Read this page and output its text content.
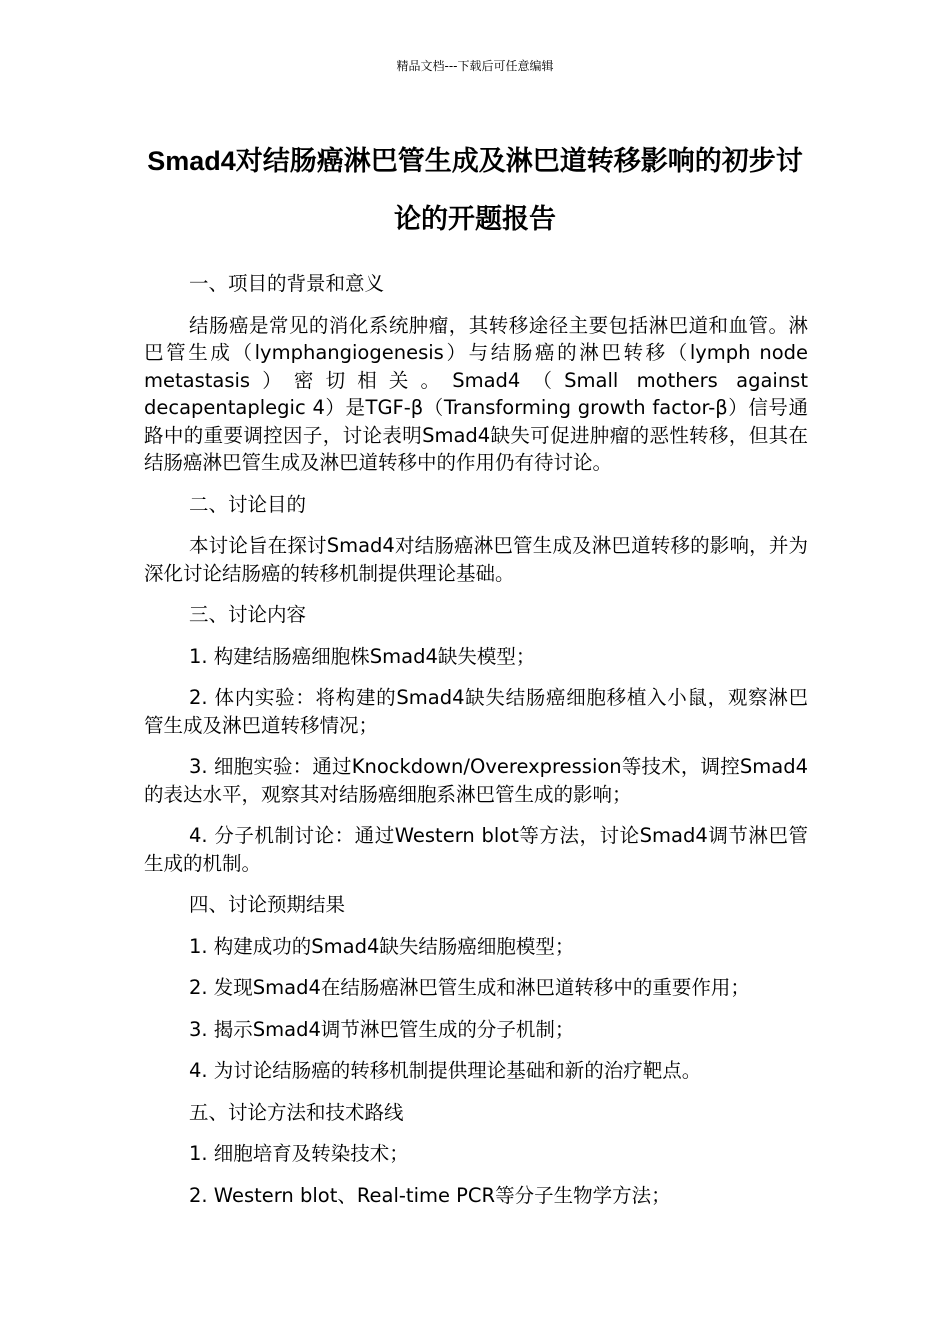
精品文档---下载后可任意编辑
Smad4对结肠癌淋巴管生成及淋巴道转移影响的初步讨论的开题报告

一、项目的背景和意义

结肠癌是常见的消化系统肿瘤，其转移途径主要包括淋巴道和血管。淋巴管生成（lymphangiogenesis）与结肠癌的淋巴转移（lymph node metastasis）密切相关。Smad4（Small mothers against decapentaplegic 4）是TGF-β（Transforming growth factor-β）信号通路中的重要调控因子，讨论表明Smad4缺失可促进肿瘤的恶性转移，但其在结肠癌淋巴管生成及淋巴道转移中的作用仍有待讨论。

二、讨论目的

本讨论旨在探讨Smad4对结肠癌淋巴管生成及淋巴道转移的影响，并为深化讨论结肠癌的转移机制提供理论基础。

三、讨论内容

1. 构建结肠癌细胞株Smad4缺失模型；

2. 体内实验：将构建的Smad4缺失结肠癌细胞移植入小鼠，观察淋巴管生成及淋巴道转移情况；

3. 细胞实验：通过Knockdown/Overexpression等技术，调控Smad4的表达水平，观察其对结肠癌细胞系淋巴管生成的影响；

4. 分子机制讨论：通过Western blot等方法，讨论Smad4调节淋巴管生成的机制。

四、讨论预期结果

1. 构建成功的Smad4缺失结肠癌细胞模型；

2. 发现Smad4在结肠癌淋巴管生成和淋巴道转移中的重要作用；

3. 揭示Smad4调节淋巴管生成的分子机制；

4. 为讨论结肠癌的转移机制提供理论基础和新的治疗靶点。

五、讨论方法和技术路线

1. 细胞培育及转染技术；

2. Western blot、Real-time PCR等分子生物学方法；
